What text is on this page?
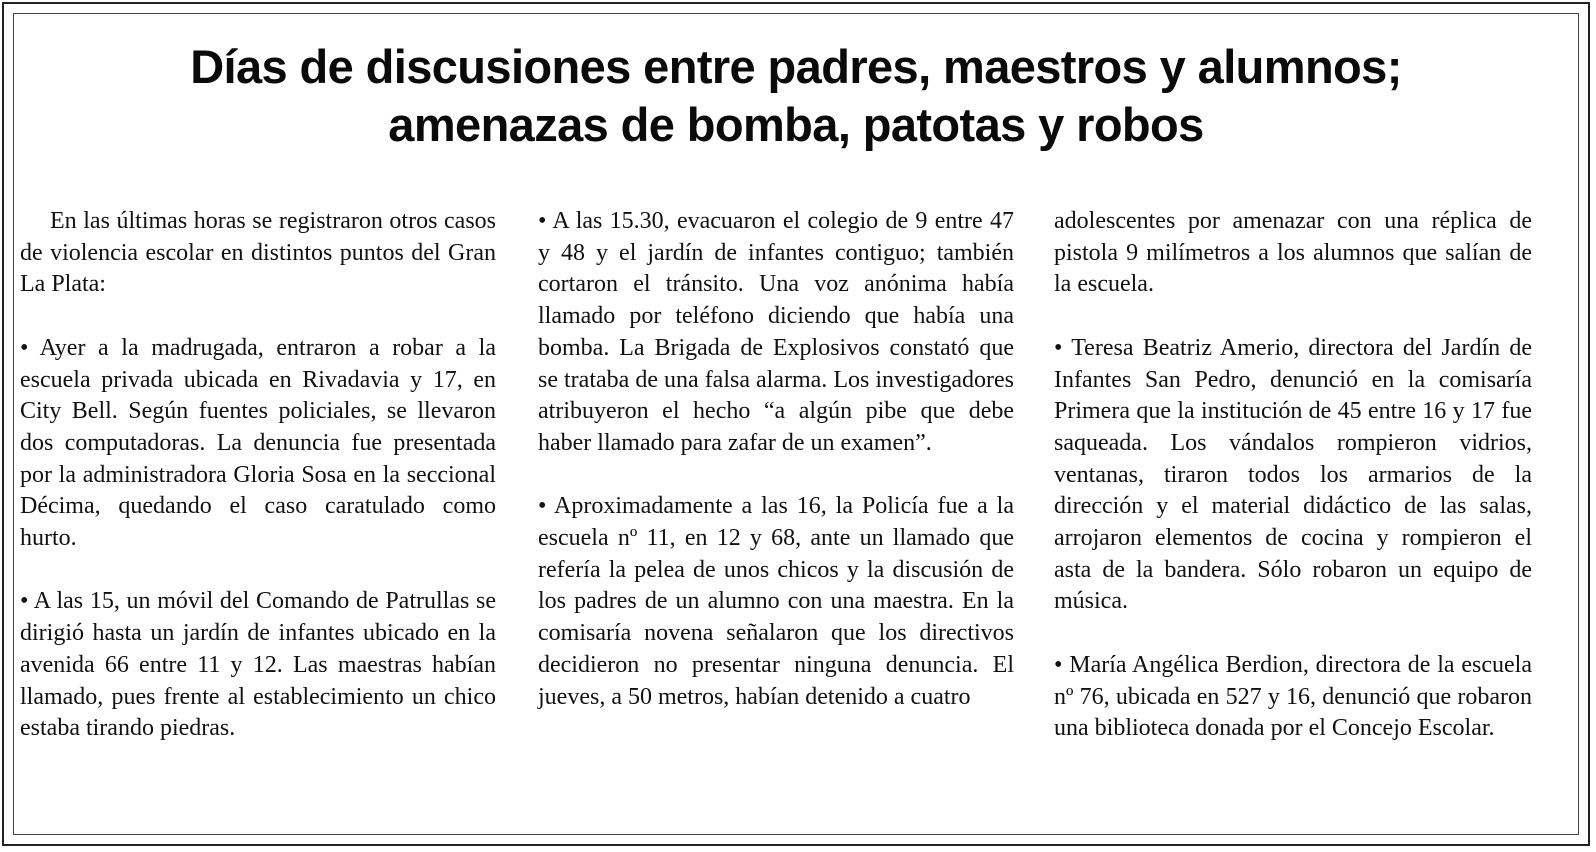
Días de discusiones entre padres, maestros y alumnos;
amenazas de bomba, patotas y robos

En las últimas horas se registraron otros casos de violencia escolar en distintos puntos del Gran La Plata:

• Ayer a la madrugada, entraron a robar a la escuela privada ubicada en Rivadavia y 17, en City Bell. Según fuentes policiales, se llevaron dos computadoras. La denuncia fue presentada por la administradora Gloria Sosa en la seccional Décima, quedando el caso caratulado como hurto.

• A las 15, un móvil del Comando de Patrullas se dirigió hasta un jardín de infantes ubicado en la avenida 66 entre 11 y 12. Las maestras habían llamado, pues frente al establecimiento un chico estaba tirando piedras.

• A las 15.30, evacuaron el colegio de 9 entre 47 y 48 y el jardín de infantes contiguo; también cortaron el tránsito. Una voz anónima había llamado por teléfono diciendo que había una bomba. La Brigada de Explosivos constató que se trataba de una falsa alarma. Los investigadores atribuyeron el hecho “a algún pibe que debe haber llamado para zafar de un examen”.

• Aproximadamente a las 16, la Policía fue a la escuela nº 11, en 12 y 68, ante un llamado que refería la pelea de unos chicos y la discusión de los padres de un alumno con una maestra. En la comisaría novena señalaron que los directivos decidieron no presentar ninguna denuncia. El jueves, a 50 metros, habían detenido a cuatro

adolescentes por amenazar con una réplica de pistola 9 milímetros a los alumnos que salían de la escuela.

• Teresa Beatriz Amerio, directora del Jardín de Infantes San Pedro, denunció en la comisaría Primera que la institución de 45 entre 16 y 17 fue saqueada. Los vándalos rompieron vidrios, ventanas, tiraron todos los armarios de la dirección y el material didáctico de las salas, arrojaron elementos de cocina y rompieron el asta de la bandera. Sólo robaron un equipo de música.

• María Angélica Berdion, directora de la escuela nº 76, ubicada en 527 y 16, denunció que robaron una biblioteca donada por el Concejo Escolar.
